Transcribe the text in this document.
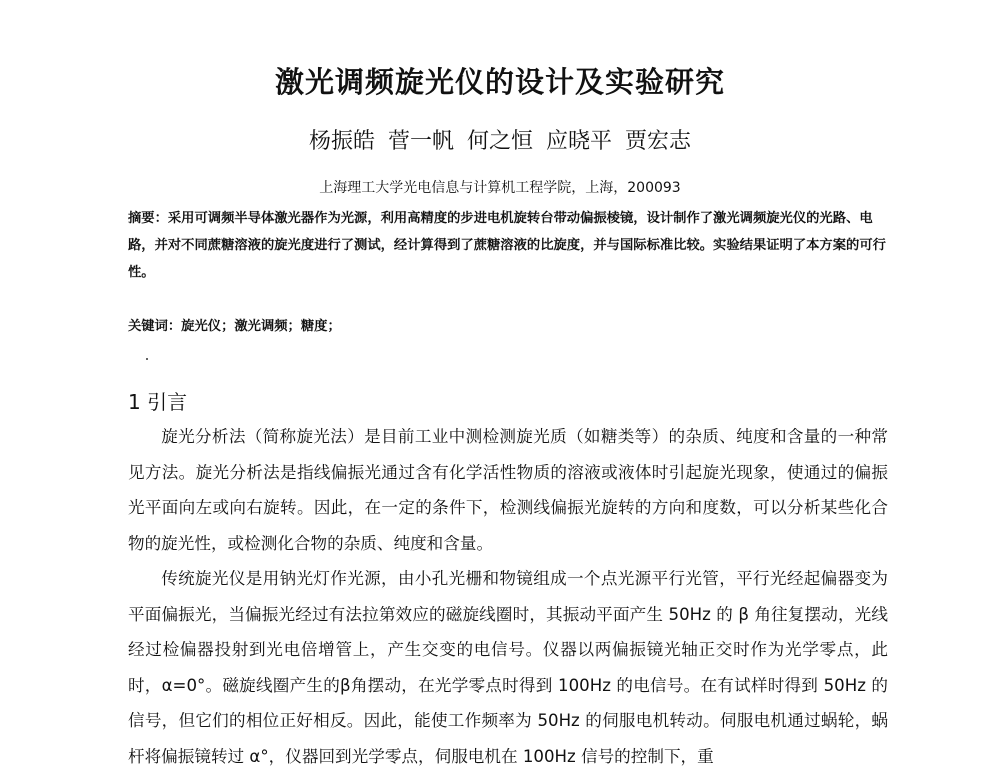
激光调频旋光仪的设计及实验研究
杨振皓 菅一帆 何之恒 应晓平 贾宏志
上海理工大学光电信息与计算机工程学院，上海，200093
摘要：采用可调频半导体激光器作为光源，利用高精度的步进电机旋转台带动偏振棱镜，设计制作了激光调频旋光仪的光路、电路，并对不同蔗糖溶液的旋光度进行了测试，经计算得到了蔗糖溶液的比旋度，并与国际标准比较。实验结果证明了本方案的可行性。
关键词：旋光仪；激光调频；糖度；
1 引言

旋光分析法（简称旋光法）是目前工业中测检测旋光质（如糖类等）的杂质、纯度和含量的一种常见方法。旋光分析法是指线偏振光通过含有化学活性物质的溶液或液体时引起旋光现象，使通过的偏振光平面向左或向右旋转。因此，在一定的条件下，检测线偏振光旋转的方向和度数，可以分析某些化合物的旋光性，或检测化合物的杂质、纯度和含量。

传统旋光仪是用钠光灯作光源，由小孔光栅和物镜组成一个点光源平行光管，平行光经起偏器变为平面偏振光，当偏振光经过有法拉第效应的磁旋线圈时，其振动平面产生 50Hz 的 β 角往复摆动，光线经过检偏器投射到光电倍增管上，产生交变的电信号。仪器以两偏振镜光轴正交时作为光学零点，此时，α=0°。磁旋线圈产生的β角摆动，在光学零点时得到 100Hz 的电信号。在有试样时得到 50Hz 的信号，但它们的相位正好相反。因此，能使工作频率为 50Hz 的伺服电机转动。伺服电机通过蜗轮，蜗杆将偏振镜转过 α°，仪器回到光学零点，伺服电机在 100Hz 信号的控制下，重
